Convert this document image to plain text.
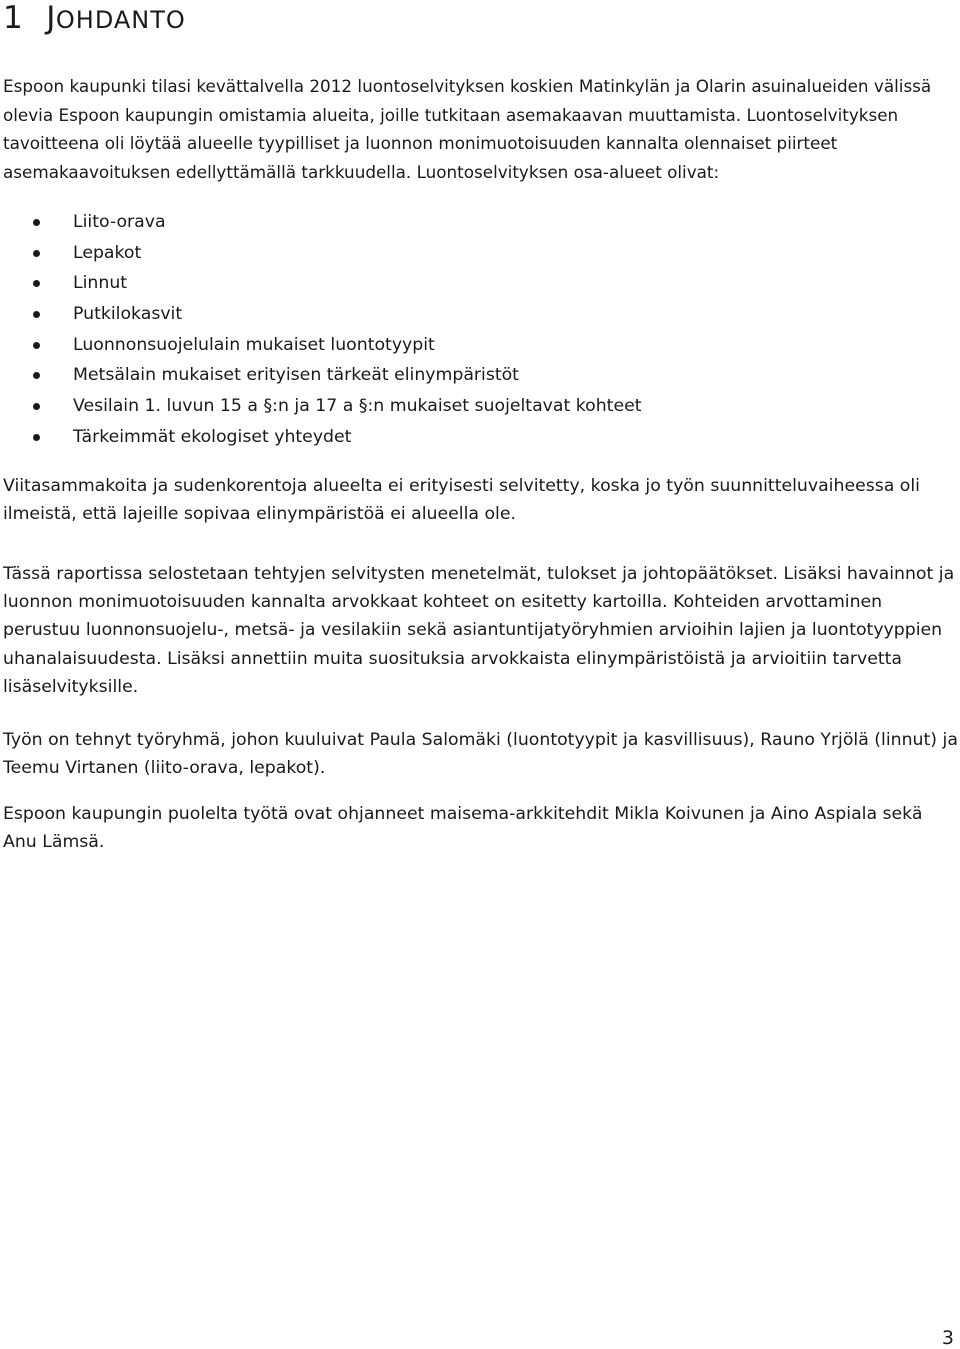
1 JOHDANTO

Espoon kaupunki tilasi kevättalvella 2012 luontoselvityksen koskien Matinkylän ja Olarin asuinalueiden välissä olevia Espoon kaupungin omistamia alueita, joille tutkitaan asemakaavan muuttamista. Luontoselvityksen tavoitteena oli löytää alueelle tyypilliset ja luonnon monimuotoisuuden kannalta olennaiset piirteet asemakaavoituksen edellyttämällä tarkkuudella. Luontoselvityksen osa-alueet olivat:

Liito-orava
Lepakot
Linnut
Putkilokasvit
Luonnonsuojelulain mukaiset luontotyypit
Metsälain mukaiset erityisen tärkeät elinympäristöt
Vesilain 1. luvun 15 a §:n ja 17 a §:n mukaiset suojeltavat kohteet
Tärkeimmät ekologiset yhteydet

Viitasammakoita ja sudenkorentoja alueelta ei erityisesti selvitetty, koska jo työn suunnitteluvaiheessa oli ilmeistä, että lajeille sopivaa elinympäristöä ei alueella ole.

Tässä raportissa selostetaan tehtyjen selvitysten menetelmät, tulokset ja johtopäätökset. Lisäksi havainnot ja luonnon monimuotoisuuden kannalta arvokkaat kohteet on esitetty kartoilla. Kohteiden arvottaminen perustuu luonnonsuojelu-, metsä- ja vesilakiin sekä asiantuntijatyöryhmien arvioihin lajien ja luontotyyppien uhanalaisuudesta. Lisäksi annettiin muita suosituksia arvokkaista elinympäristöistä ja arvioitiin tarvetta lisäselvityksille.

Työn on tehnyt työryhmä, johon kuuluivat Paula Salomäki (luontotyypit ja kasvillisuus), Rauno Yrjölä (linnut) ja Teemu Virtanen (liito-orava, lepakot).

Espoon kaupungin puolelta työtä ovat ohjanneet maisema-arkkitehdit Mikla Koivunen ja Aino Aspiala sekä Anu Lämsä.

3
